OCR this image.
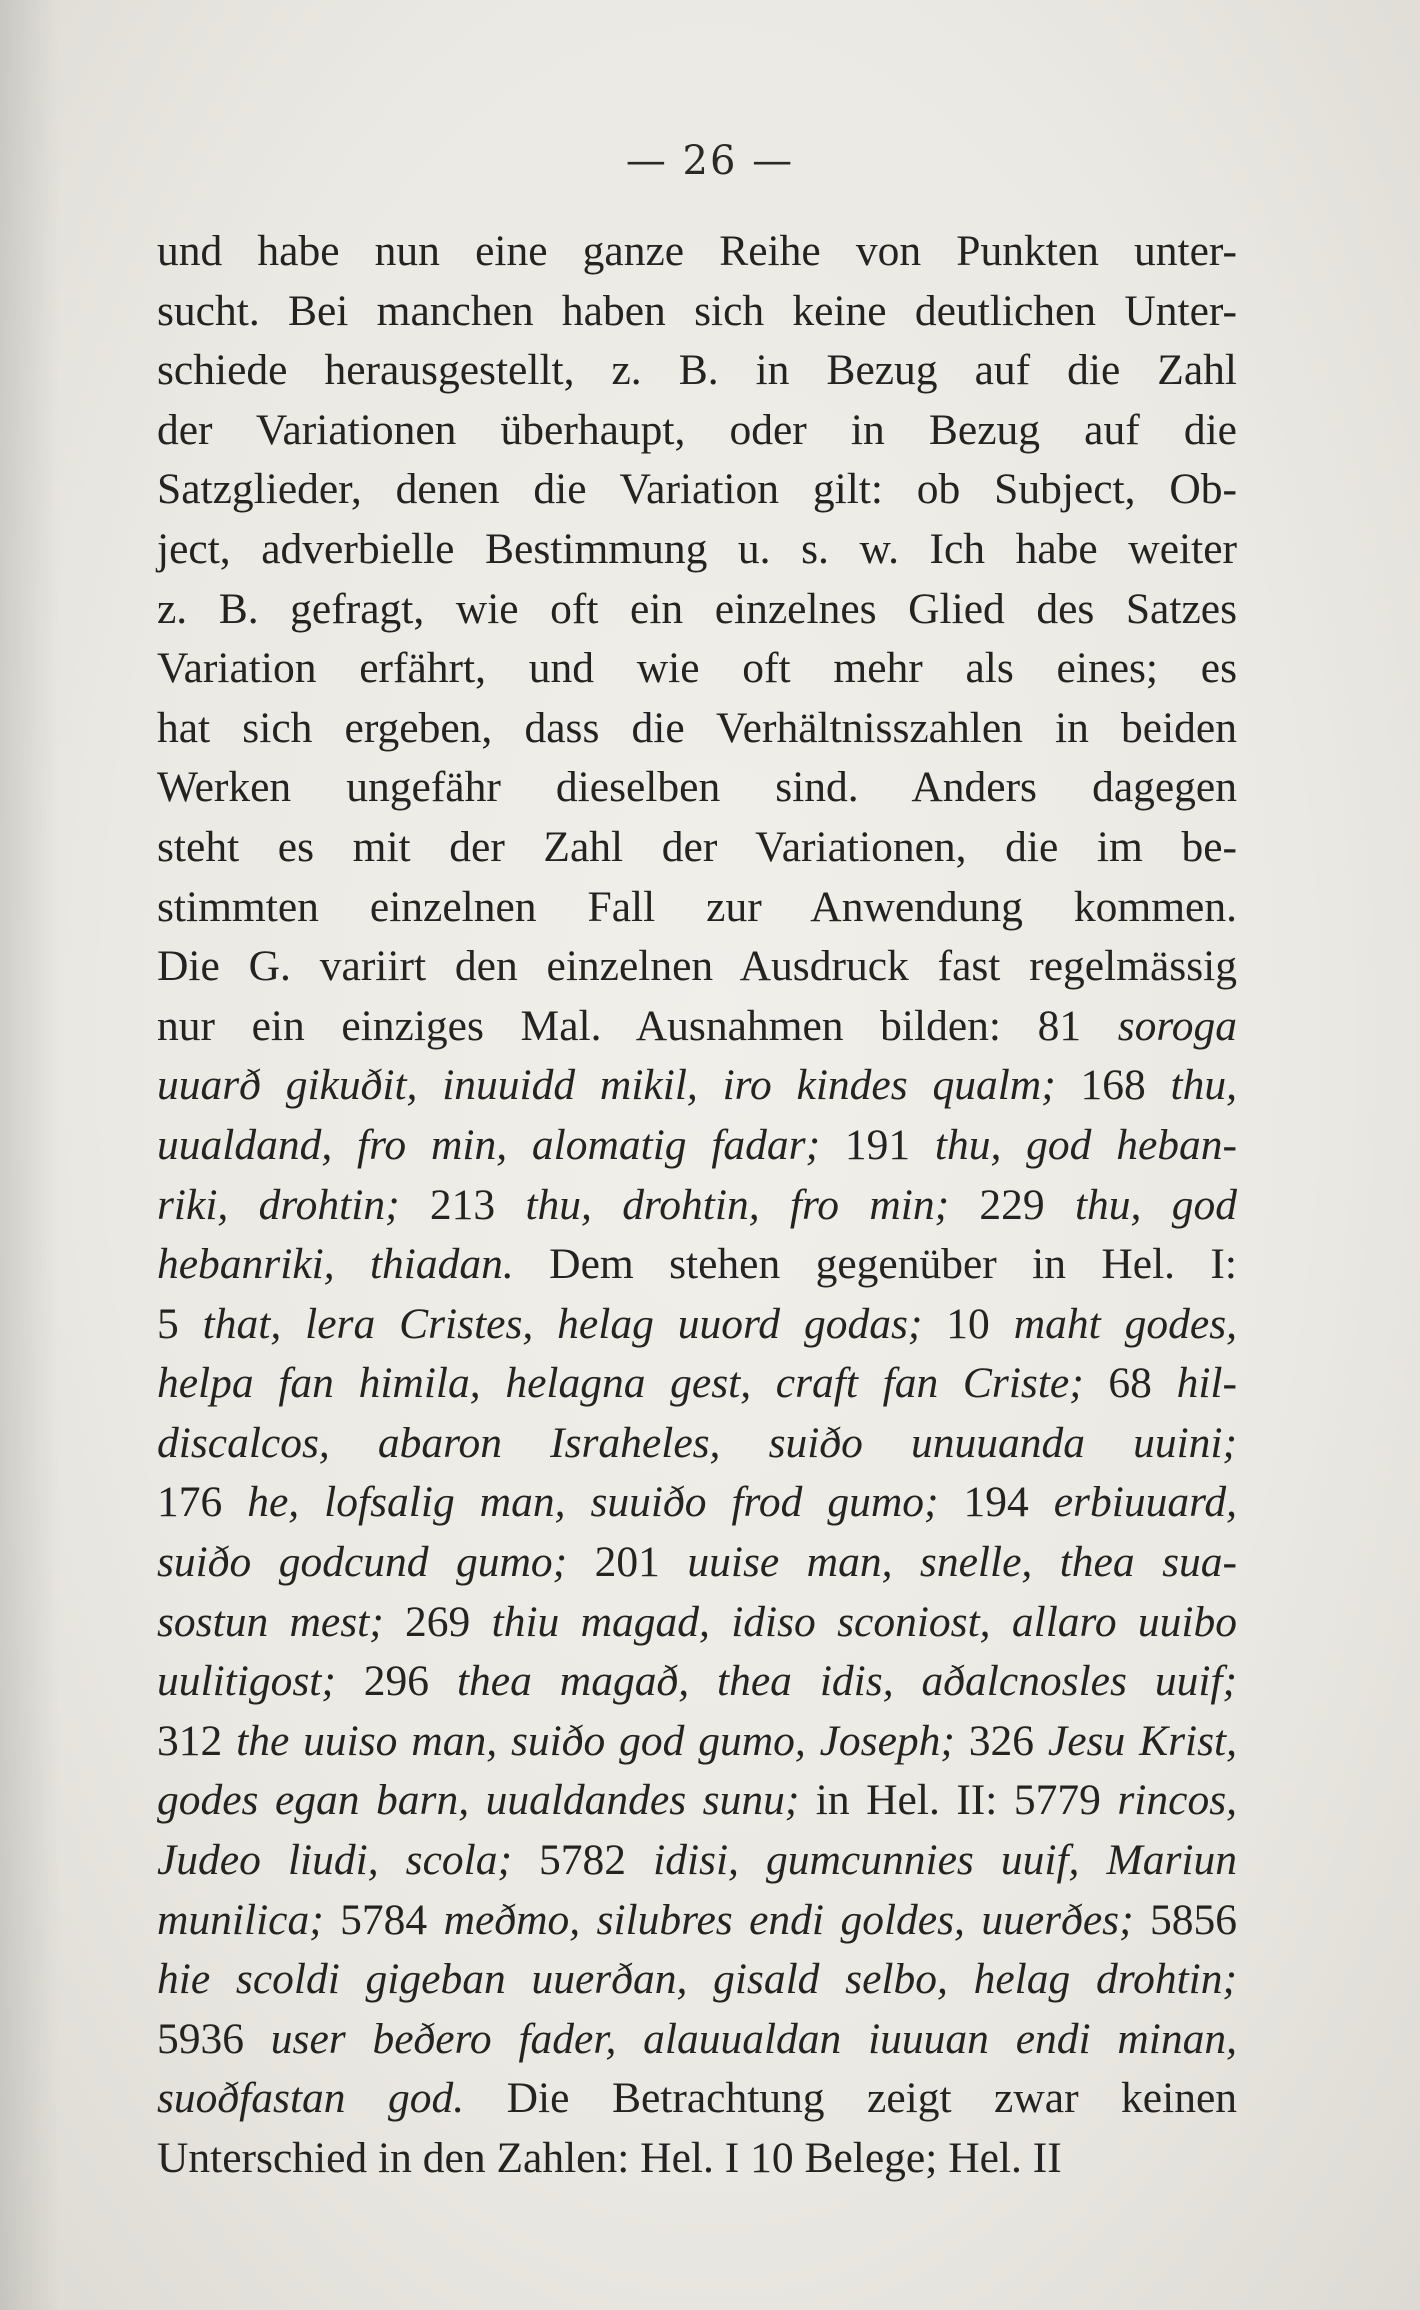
— 26 —
und habe nun eine ganze Reihe von Punkten unter-
sucht. Bei manchen haben sich keine deutlichen Unter-
schiede herausgestellt, z. B. in Bezug auf die Zahl
der Variationen überhaupt, oder in Bezug auf die
Satzglieder, denen die Variation gilt: ob Subject, Ob-
ject, adverbielle Bestimmung u. s. w. Ich habe weiter
z. B. gefragt, wie oft ein einzelnes Glied des Satzes
Variation erfährt, und wie oft mehr als eines; es
hat sich ergeben, dass die Verhältnisszahlen in beiden
Werken ungefähr dieselben sind. Anders dagegen
steht es mit der Zahl der Variationen, die im be-
stimmten einzelnen Fall zur Anwendung kommen.
Die G. variirt den einzelnen Ausdruck fast regelmässig
nur ein einziges Mal. Ausnahmen bilden: 81 soroga
uuarð gikuðit, inuuidd mikil, iro kindes qualm; 168 thu,
uualdand, fro min, alomatig fadar; 191 thu, god heban-
riki, drohtin; 213 thu, drohtin, fro min; 229 thu, god
hebanriki, thiadan. Dem stehen gegenüber in Hel. I:
5 that, lera Cristes, helag uuord godas; 10 maht godes,
helpa fan himila, helagna gest, craft fan Criste; 68 hil-
discalcos, abaron Israheles, suiðo unuuanda uuini;
176 he, lofsalig man, suuiðo frod gumo; 194 erbiuuard,
suiðo godcund gumo; 201 uuise man, snelle, thea sua-
sostun mest; 269 thiu magad, idiso sconiost, allaro uuibo
uulitigost; 296 thea magað, thea idis, aðalcnosles uuif;
312 the uuiso man, suiðo god gumo, Joseph; 326 Jesu Krist,
godes egan barn, uualdandes sunu; in Hel. II: 5779 rincos,
Judeo liudi, scola; 5782 idisi, gumcunnies uuif, Mariun
munilica; 5784 meðmo, silubres endi goldes, uuerðes; 5856
hie scoldi gigeban uuerðan, gisald selbo, helag drohtin;
5936 user beðero fader, alauualdan iuuuan endi minan,
suoðfastan god. Die Betrachtung zeigt zwar keinen
Unterschied in den Zahlen: Hel. I 10 Belege; Hel. II
